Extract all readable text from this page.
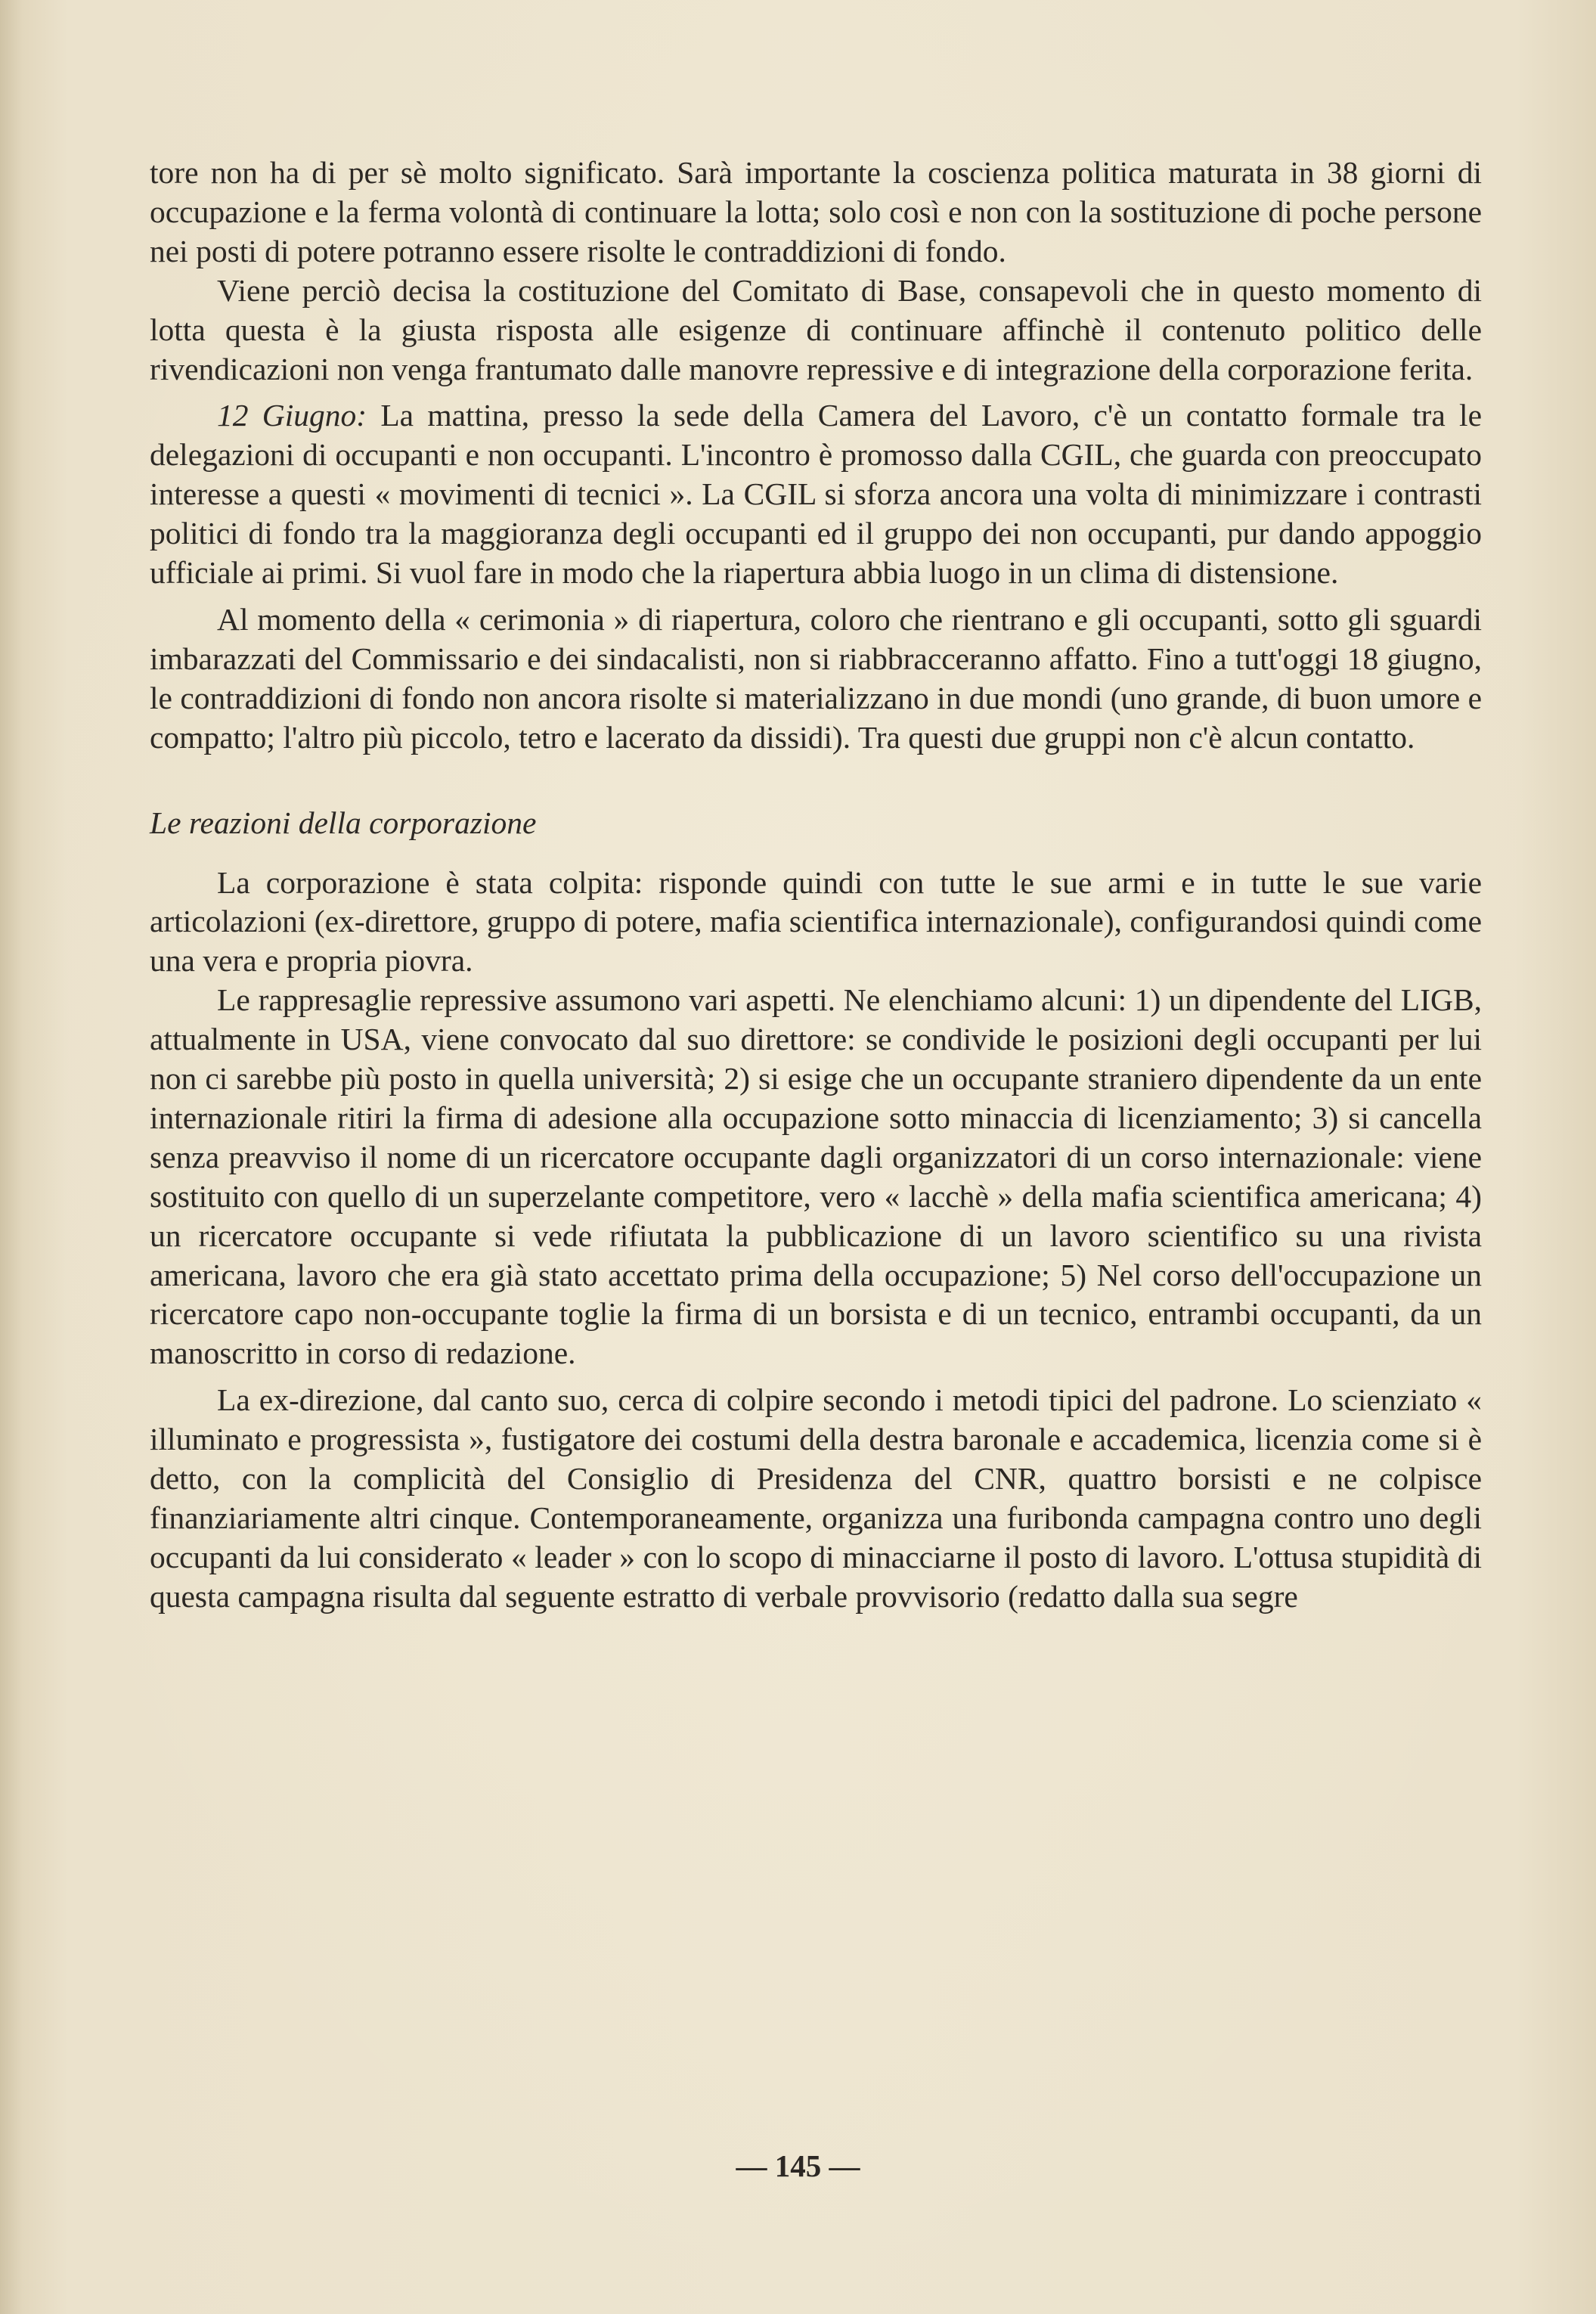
tore non ha di per sè molto significato. Sarà importante la coscienza politica maturata in 38 giorni di occupazione e la ferma volontà di continuare la lotta; solo così e non con la sostituzione di poche persone nei posti di potere potranno essere risolte le contraddizioni di fondo.

Viene perciò decisa la costituzione del Comitato di Base, consapevoli che in questo momento di lotta questa è la giusta risposta alle esigenze di continuare affinchè il contenuto politico delle rivendicazioni non venga frantumato dalle manovre repressive e di integrazione della corporazione ferita.

12 Giugno: La mattina, presso la sede della Camera del Lavoro, c'è un contatto formale tra le delegazioni di occupanti e non occupanti. L'incontro è promosso dalla CGIL, che guarda con preoccupato interesse a questi « movimenti di tecnici ». La CGIL si sforza ancora una volta di minimizzare i contrasti politici di fondo tra la maggioranza degli occupanti ed il gruppo dei non occupanti, pur dando appoggio ufficiale ai primi. Si vuol fare in modo che la riapertura abbia luogo in un clima di distensione.

Al momento della « cerimonia » di riapertura, coloro che rientrano e gli occupanti, sotto gli sguardi imbarazzati del Commissario e dei sindacalisti, non si riabbracceranno affatto. Fino a tutt'oggi 18 giugno, le contraddizioni di fondo non ancora risolte si materializzano in due mondi (uno grande, di buon umore e compatto; l'altro più piccolo, tetro e lacerato da dissidi). Tra questi due gruppi non c'è alcun contatto.

Le reazioni della corporazione

La corporazione è stata colpita: risponde quindi con tutte le sue armi e in tutte le sue varie articolazioni (ex-direttore, gruppo di potere, mafia scientifica internazionale), configurandosi quindi come una vera e propria piovra.

Le rappresaglie repressive assumono vari aspetti. Ne elenchiamo alcuni: 1) un dipendente del LIGB, attualmente in USA, viene convocato dal suo direttore: se condivide le posizioni degli occupanti per lui non ci sarebbe più posto in quella università; 2) si esige che un occupante straniero dipendente da un ente internazionale ritiri la firma di adesione alla occupazione sotto minaccia di licenziamento; 3) si cancella senza preavviso il nome di un ricercatore occupante dagli organizzatori di un corso internazionale: viene sostituito con quello di un superzelante competitore, vero « lacchè » della mafia scientifica americana; 4) un ricercatore occupante si vede rifiutata la pubblicazione di un lavoro scientifico su una rivista americana, lavoro che era già stato accettato prima della occupazione; 5) Nel corso dell'occupazione un ricercatore capo non-occupante toglie la firma di un borsista e di un tecnico, entrambi occupanti, da un manoscritto in corso di redazione.

La ex-direzione, dal canto suo, cerca di colpire secondo i metodi tipici del padrone. Lo scienziato « illuminato e progressista », fustigatore dei costumi della destra baronale e accademica, licenzia come si è detto, con la complicità del Consiglio di Presidenza del CNR, quattro borsisti e ne colpisce finanziariamente altri cinque. Contemporaneamente, organizza una furibonda campagna contro uno degli occupanti da lui considerato « leader » con lo scopo di minacciarne il posto di lavoro. L'ottusa stupidità di questa campagna risulta dal seguente estratto di verbale provvisorio (redatto dalla sua segre

— 145 —
